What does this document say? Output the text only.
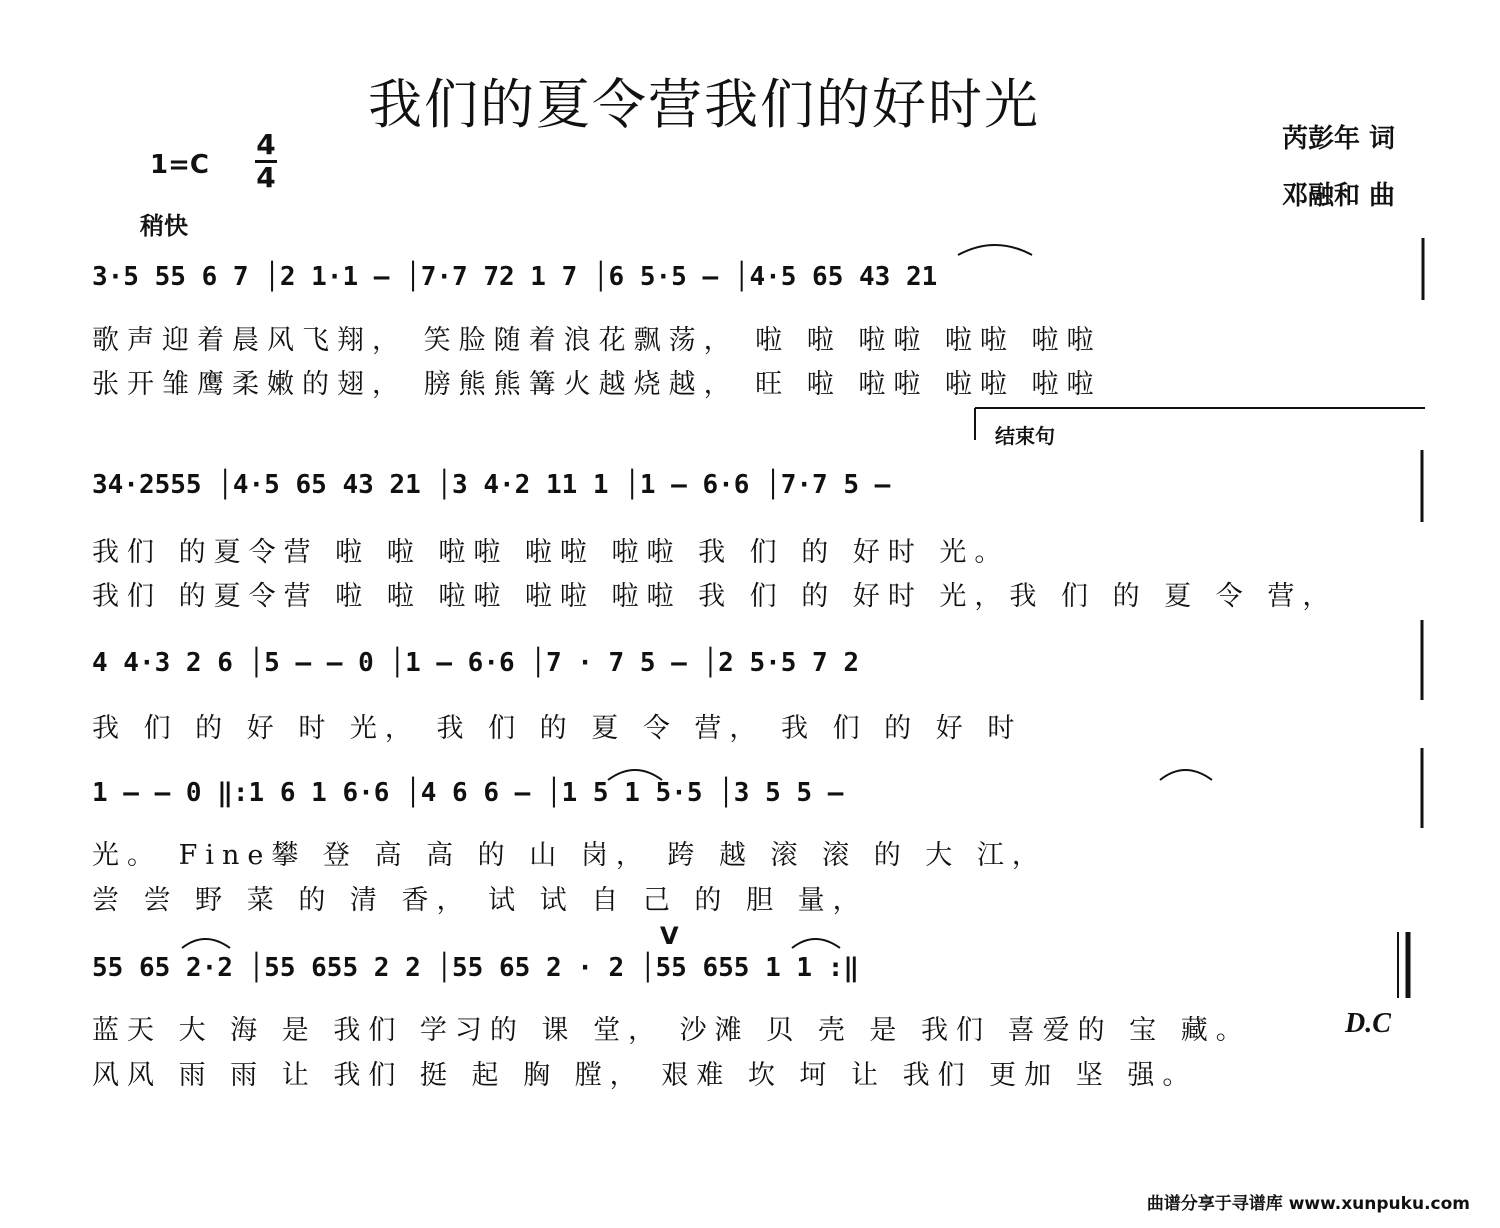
我们的夏令营我们的好时光
芮彭年 词
邓融和 曲
1=C
4
4
稍快
3·5 55 6 7 │2 1·1 — │7·7 72 1 7 │6 5·5 — │4·5 65 43 21
歌声迎着晨风飞翔， 笑脸随着浪花飘荡， 啦 啦 啦啦 啦啦 啦啦
张开雏鹰柔嫩的翅， 膀熊熊篝火越烧越， 旺 啦 啦啦 啦啦 啦啦
结束句
34·2555 │4·5 65 43 21 │3 4·2 11 1 │1 — 6·6 │7·7 5 —
我们 的夏令营 啦 啦 啦啦 啦啦 啦啦 我 们 的 好时 光。
我们 的夏令营 啦 啦 啦啦 啦啦 啦啦 我 们 的 好时 光，我 们 的 夏 令 营，
4 4·3 2 6 │5 — — 0 │1 — 6·6 │7 · 7 5 — │2 5·5 7 2
我 们 的 好 时 光， 我 们 的 夏 令 营， 我 们 的 好 时
1 — — 0 ‖:1 6 1 6·6 │4 6 6 — │1 5 1 5·5 │3 5 5 —
光。 Fine攀 登 高 高 的 山 岗， 跨 越 滚 滚 的 大 江，
尝 尝 野 菜 的 清 香， 试 试 自 己 的 胆 量，
V
55 65 2·2 │55 655 2 2 │55 65 2 · 2 │55 655 1 1 :‖
蓝天 大 海 是 我们 学习的 课 堂， 沙滩 贝 壳 是 我们 喜爱的 宝 藏。	D.C
风风 雨 雨 让 我们 挺 起 胸 膛， 艰难 坎 坷 让 我们 更加 坚 强。
曲谱分享于寻谱库 www.xunpuku.com
